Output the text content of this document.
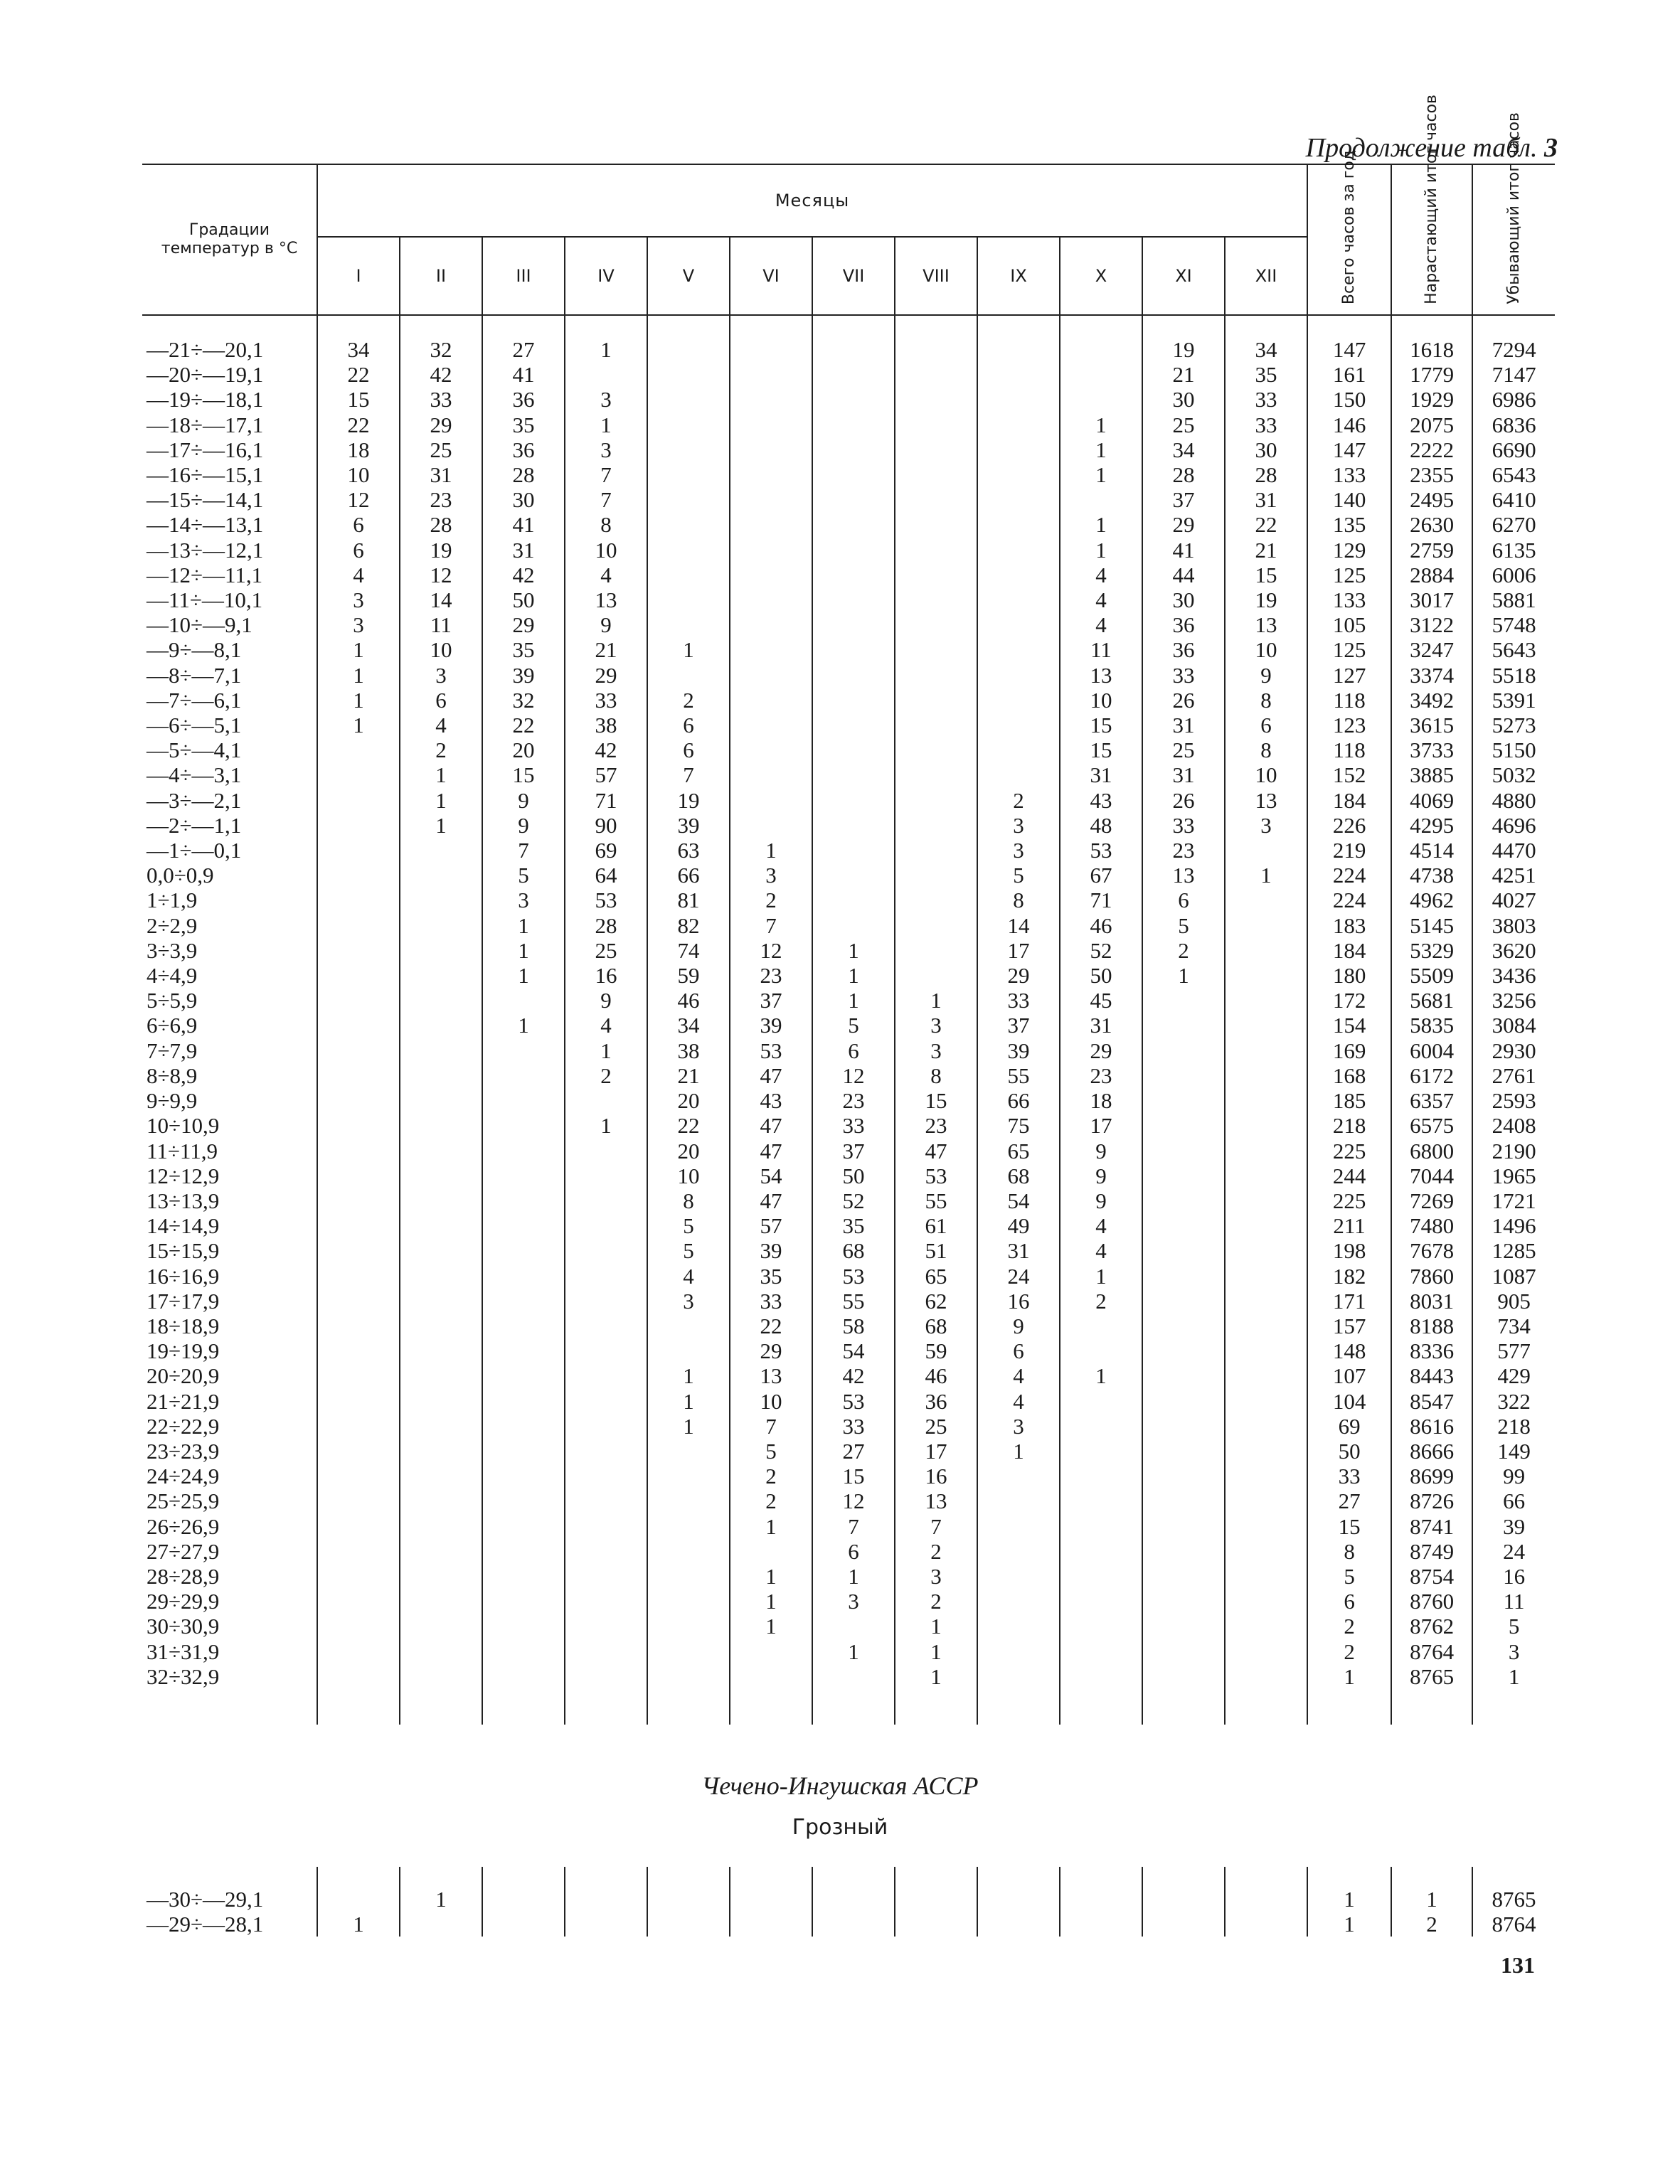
Продолжение табл. 3
Градации температур в °С	Месяцы												Всего часов за год	Нарастающий итог часов	Убывающий итог часов

	I	II	III	IV	V	VI	VII	VIII	IX	X	XI	XII			

—21÷—20,1	34	32	27	1							19	34	147	1618	7294
—20÷—19,1	22	42	41								21	35	161	1779	7147
—19÷—18,1	15	33	36	3							30	33	150	1929	6986
—18÷—17,1	22	29	35	1						1	25	33	146	2075	6836
—17÷—16,1	18	25	36	3						1	34	30	147	2222	6690
—16÷—15,1	10	31	28	7						1	28	28	133	2355	6543
—15÷—14,1	12	23	30	7							37	31	140	2495	6410
—14÷—13,1	6	28	41	8						1	29	22	135	2630	6270
—13÷—12,1	6	19	31	10						1	41	21	129	2759	6135
—12÷—11,1	4	12	42	4						4	44	15	125	2884	6006
—11÷—10,1	3	14	50	13						4	30	19	133	3017	5881
—10÷—9,1	3	11	29	9						4	36	13	105	3122	5748
—9÷—8,1	1	10	35	21	1					11	36	10	125	3247	5643
—8÷—7,1	1	3	39	29						13	33	9	127	3374	5518
—7÷—6,1	1	6	32	33	2					10	26	8	118	3492	5391
—6÷—5,1	1	4	22	38	6					15	31	6	123	3615	5273
—5÷—4,1		2	20	42	6					15	25	8	118	3733	5150
—4÷—3,1		1	15	57	7					31	31	10	152	3885	5032
—3÷—2,1		1	9	71	19				2	43	26	13	184	4069	4880
—2÷—1,1		1	9	90	39				3	48	33	3	226	4295	4696
—1÷—0,1			7	69	63	1			3	53	23		219	4514	4470
0,0÷0,9			5	64	66	3			5	67	13	1	224	4738	4251
1÷1,9			3	53	81	2			8	71	6		224	4962	4027
2÷2,9			1	28	82	7			14	46	5		183	5145	3803
3÷3,9			1	25	74	12	1		17	52	2		184	5329	3620
4÷4,9			1	16	59	23	1		29	50	1		180	5509	3436
5÷5,9				9	46	37	1	1	33	45			172	5681	3256
6÷6,9			1	4	34	39	5	3	37	31			154	5835	3084
7÷7,9				1	38	53	6	3	39	29			169	6004	2930
8÷8,9				2	21	47	12	8	55	23			168	6172	2761
9÷9,9					20	43	23	15	66	18			185	6357	2593
10÷10,9				1	22	47	33	23	75	17			218	6575	2408
11÷11,9					20	47	37	47	65	9			225	6800	2190
12÷12,9					10	54	50	53	68	9			244	7044	1965
13÷13,9					8	47	52	55	54	9			225	7269	1721
14÷14,9					5	57	35	61	49	4			211	7480	1496
15÷15,9					5	39	68	51	31	4			198	7678	1285
16÷16,9					4	35	53	65	24	1			182	7860	1087
17÷17,9					3	33	55	62	16	2			171	8031	905
18÷18,9						22	58	68	9				157	8188	734
19÷19,9						29	54	59	6				148	8336	577
20÷20,9					1	13	42	46	4	1			107	8443	429
21÷21,9					1	10	53	36	4				104	8547	322
22÷22,9					1	7	33	25	3				69	8616	218
23÷23,9						5	27	17	1				50	8666	149
24÷24,9						2	15	16					33	8699	99
25÷25,9						2	12	13					27	8726	66
26÷26,9						1	7	7					15	8741	39
27÷27,9							6	2					8	8749	24
28÷28,9						1	1	3					5	8754	16
29÷29,9						1	3	2					6	8760	11
30÷30,9						1		1					2	8762	5
31÷31,9							1	1					2	8764	3
32÷32,9								1					1	8765	1

Чечено-Ингушская АССР
Грозный

—30÷—29,1		1											1	1	8765
—29÷—28,1	1												1	2	8764
131
